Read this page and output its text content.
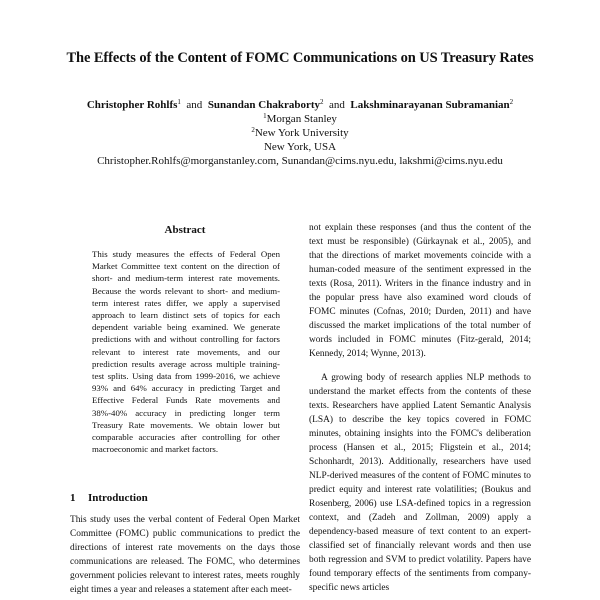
The Effects of the Content of FOMC Communications on US Treasury Rates
Christopher Rohlfs$^1$ and Sunandan Chakraborty$^2$ and Lakshminarayanan Subramanian$^2$
$^1$Morgan Stanley
$^2$New York University
New York, USA
Christopher.Rohlfs@morganstanley.com, Sunandan@cims.nyu.edu, lakshmi@cims.nyu.edu
Abstract

This study measures the effects of Federal Open Market Committee text content on the direction of short- and medium-term interest rate movements. Because the words relevant to short- and medium-term interest rates differ, we apply a supervised approach to learn distinct sets of topics for each dependent variable being examined. We generate predictions with and without controlling for factors relevant to interest rate movements, and our prediction results average across multiple training-test splits. Using data from 1999-2016, we achieve 93% and 64% accuracy in predicting Target and Effective Federal Funds Rate movements and 38%-40% accuracy in predicting longer term Treasury Rate movements. We obtain lower but comparable accuracies after controlling for other macroeconomic and market factors.

1 Introduction

This study uses the verbal content of Federal Open Market Committee (FOMC) public communications to predict the directions of interest rate movements on the days those communications are released. The FOMC, who determines government policies relevant to interest rates, meets roughly eight times a year and releases a statement after each meet-

not explain these responses (and thus the content of the text must be responsible) (Gürkaynak et al., 2005), and that the directions of market movements coincide with a human-coded measure of the sentiment expressed in the texts (Rosa, 2011). Writers in the finance industry and in the popular press have also examined word clouds of FOMC minutes (Cofnas, 2010; Durden, 2011) and have discussed the market implications of the total number of words included in FOMC minutes (Fitz-gerald, 2014; Kennedy, 2014; Wynne, 2013).

A growing body of research applies NLP methods to understand the market effects from the contents of these texts. Researchers have applied Latent Semantic Analysis (LSA) to describe the key topics covered in FOMC minutes, obtaining insights into the FOMC's deliberation process (Hansen et al., 2015; Fligstein et al., 2014; Schonhardt, 2013). Additionally, researchers have used NLP-derived measures of the content of FOMC minutes to predict equity and interest rate volatilities; (Boukus and Rosenberg, 2006) use LSA-defined topics in a regression context, and (Zadeh and Zollman, 2009) apply a dependency-based measure of text content to an expert-classified set of financially relevant words and then use both regression and SVM to predict volatility. Papers have found temporary effects of the sentiments from company-specific news articles
